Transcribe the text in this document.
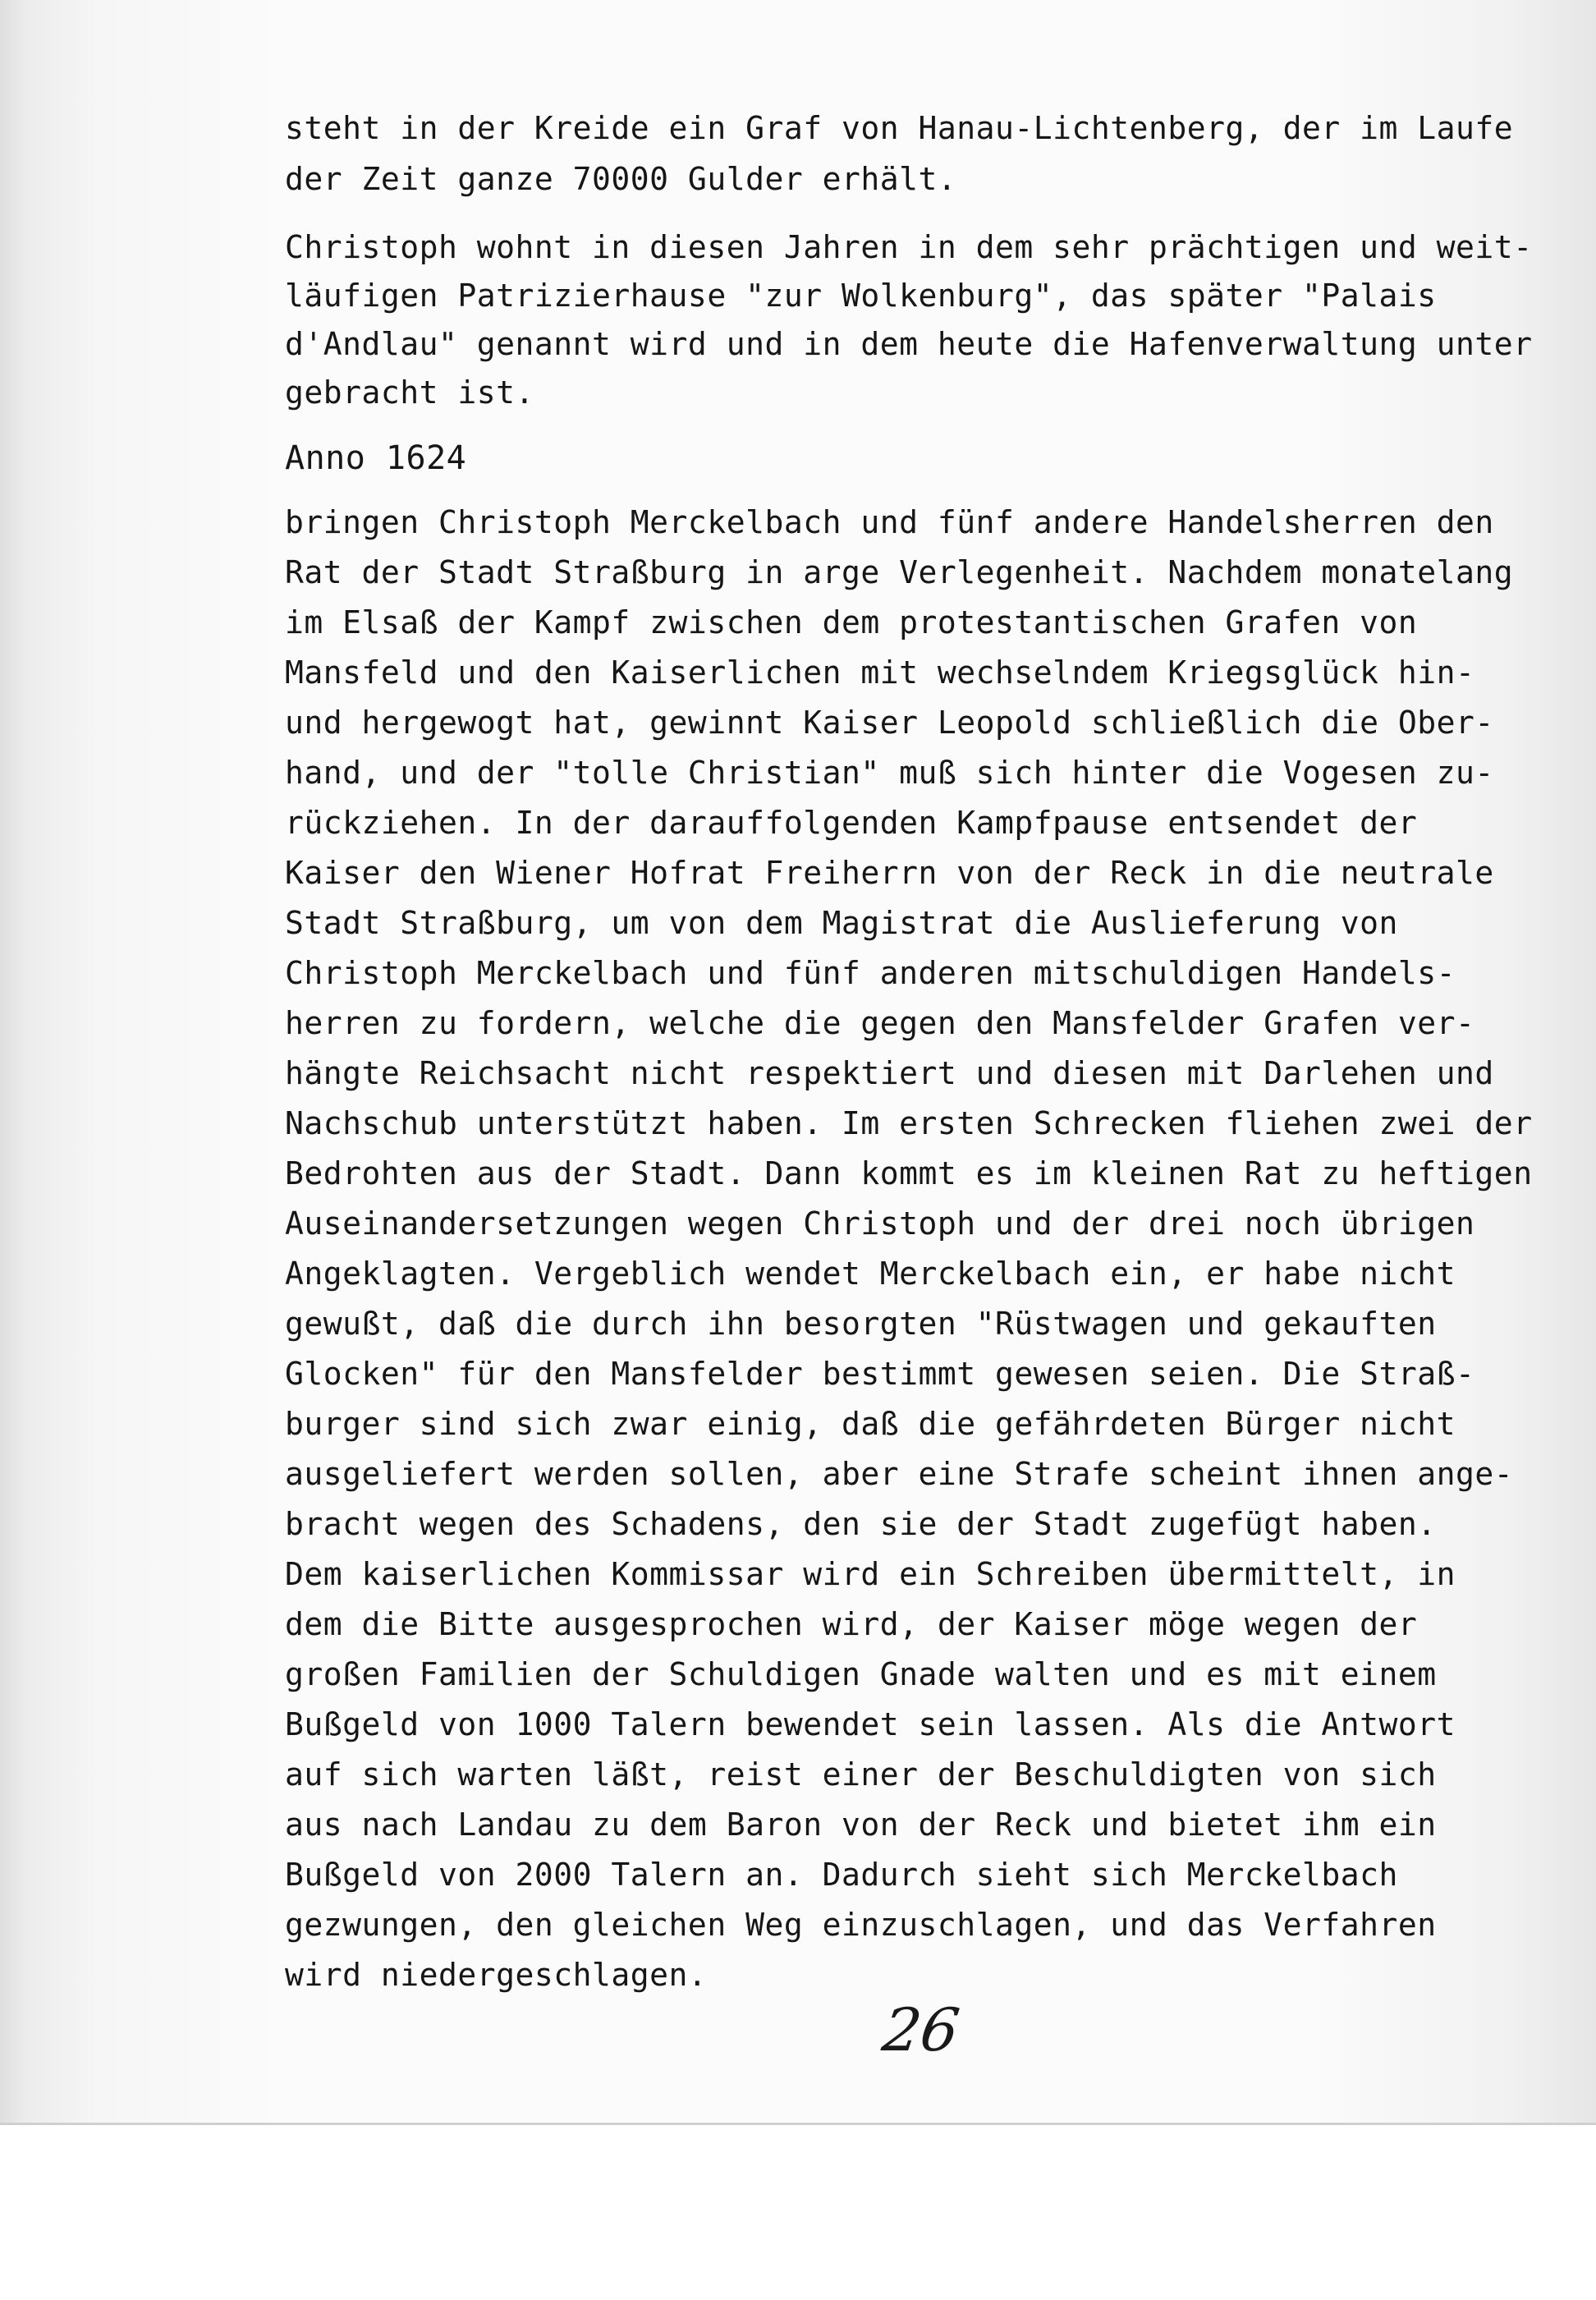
steht in der Kreide ein Graf von Hanau-Lichtenberg, der im Laufe

der Zeit ganze 70000 Gulder erhält.

Christoph wohnt in diesen Jahren in dem sehr prächtigen und weit-

läufigen Patrizierhause "zur Wolkenburg", das später "Palais

d'Andlau" genannt wird und in dem heute die Hafenverwaltung unter

gebracht ist.

Anno 1624

bringen Christoph Merckelbach und fünf andere Handelsherren den

Rat der Stadt Straßburg in arge Verlegenheit. Nachdem monatelang

im Elsaß der Kampf zwischen dem protestantischen Grafen von

Mansfeld und den Kaiserlichen mit wechselndem Kriegsglück hin-

und hergewogt hat, gewinnt Kaiser Leopold schließlich die Ober-

hand, und der "tolle Christian" muß sich hinter die Vogesen zu-

rückziehen. In der darauffolgenden Kampfpause entsendet der

Kaiser den Wiener Hofrat Freiherrn von der Reck in die neutrale

Stadt Straßburg, um von dem Magistrat die Auslieferung von

Christoph Merckelbach und fünf anderen mitschuldigen Handels-

herren zu fordern, welche die gegen den Mansfelder Grafen ver-

hängte Reichsacht nicht respektiert und diesen mit Darlehen und

Nachschub unterstützt haben. Im ersten Schrecken fliehen zwei der

Bedrohten aus der Stadt. Dann kommt es im kleinen Rat zu heftigen

Auseinandersetzungen wegen Christoph und der drei noch übrigen

Angeklagten. Vergeblich wendet Merckelbach ein, er habe nicht

gewußt, daß die durch ihn besorgten "Rüstwagen und gekauften

Glocken" für den Mansfelder bestimmt gewesen seien. Die Straß-

burger sind sich zwar einig, daß die gefährdeten Bürger nicht

ausgeliefert werden sollen, aber eine Strafe scheint ihnen ange-

bracht wegen des Schadens, den sie der Stadt zugefügt haben.

Dem kaiserlichen Kommissar wird ein Schreiben übermittelt, in

dem die Bitte ausgesprochen wird, der Kaiser möge wegen der

großen Familien der Schuldigen Gnade walten und es mit einem

Bußgeld von 1000 Talern bewendet sein lassen. Als die Antwort

auf sich warten läßt, reist einer der Beschuldigten von sich

aus nach Landau zu dem Baron von der Reck und bietet ihm ein

Bußgeld von 2000 Talern an. Dadurch sieht sich Merckelbach

gezwungen, den gleichen Weg einzuschlagen, und das Verfahren

wird niedergeschlagen.

26
